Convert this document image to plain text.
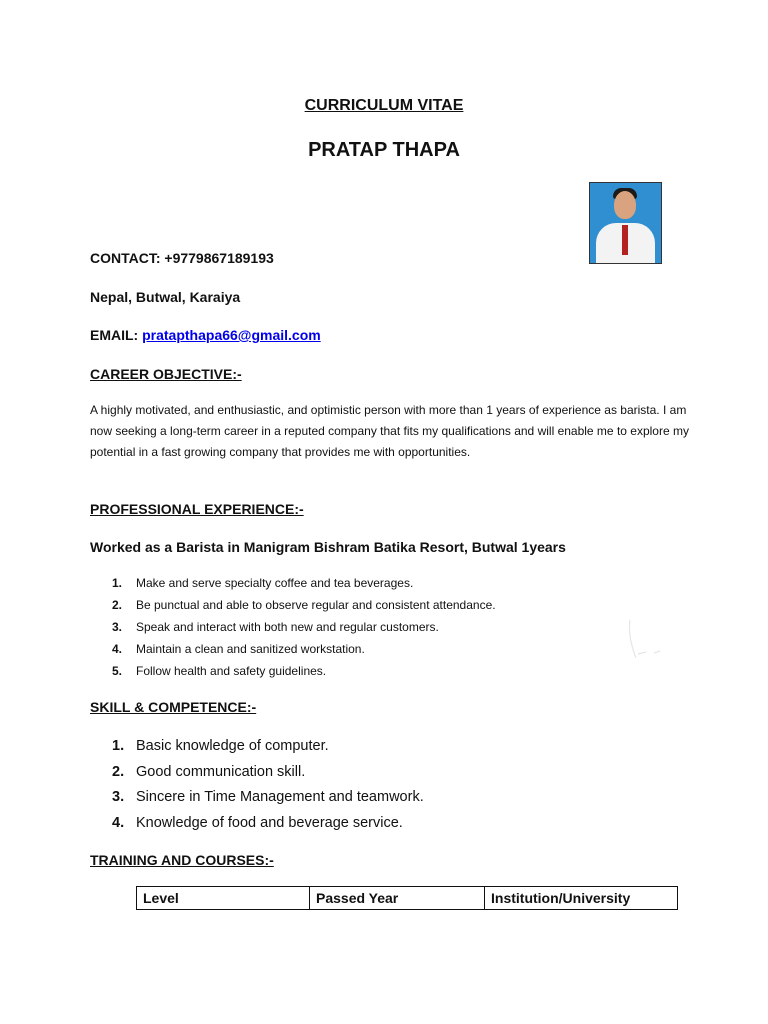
CURRICULUM VITAE
PRATAP THAPA
CONTACT: +9779867189193
Nepal, Butwal, Karaiya
EMAIL: pratapthapa66@gmail.com
CAREER OBJECTIVE:-
A highly motivated, and enthusiastic, and optimistic person with more than 1 years of experience as barista. I am now seeking a long-term career in a reputed company that fits my qualifications and will enable me to explore my potential in a fast growing company that provides me with opportunities.
PROFESSIONAL EXPERIENCE:-
Worked as a Barista in Manigram Bishram Batika Resort, Butwal 1years
1. Make and serve specialty coffee and tea beverages.
2. Be punctual and able to observe regular and consistent attendance.
3. Speak and interact with both new and regular customers.
4. Maintain a clean and sanitized workstation.
5. Follow health and safety guidelines.
SKILL & COMPETENCE:-
1. Basic knowledge of computer.
2. Good communication skill.
3. Sincere in Time Management and teamwork.
4. Knowledge of food and beverage service.
TRAINING AND COURSES:-
Level	Passed Year	Institution/University
